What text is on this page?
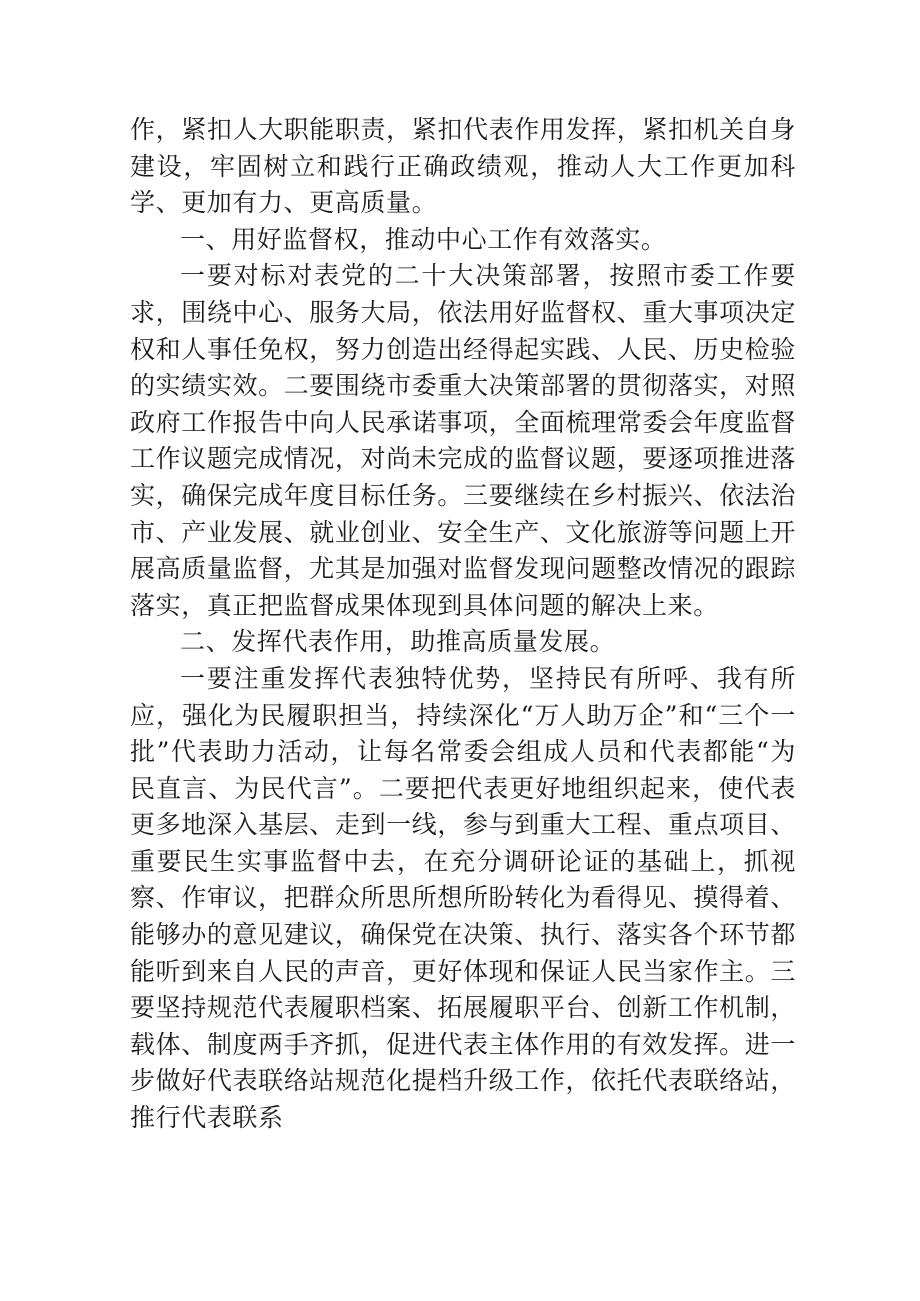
作，紧扣人大职能职责，紧扣代表作用发挥，紧扣机关自身建设，牢固树立和践行正确政绩观，推动人大工作更加科学、更加有力、更高质量。

一、用好监督权，推动中心工作有效落实。

一要对标对表党的二十大决策部署，按照市委工作要求，围绕中心、服务大局，依法用好监督权、重大事项决定权和人事任免权，努力创造出经得起实践、人民、历史检验的实绩实效。二要围绕市委重大决策部署的贯彻落实，对照政府工作报告中向人民承诺事项，全面梳理常委会年度监督工作议题完成情况，对尚未完成的监督议题，要逐项推进落实，确保完成年度目标任务。三要继续在乡村振兴、依法治市、产业发展、就业创业、安全生产、文化旅游等问题上开展高质量监督，尤其是加强对监督发现问题整改情况的跟踪落实，真正把监督成果体现到具体问题的解决上来。

二、发挥代表作用，助推高质量发展。

一要注重发挥代表独特优势，坚持民有所呼、我有所应，强化为民履职担当，持续深化“万人助万企”和“三个一批”代表助力活动，让每名常委会组成人员和代表都能“为民直言、为民代言”。二要把代表更好地组织起来，使代表更多地深入基层、走到一线，参与到重大工程、重点项目、重要民生实事监督中去，在充分调研论证的基础上，抓视察、作审议，把群众所思所想所盼转化为看得见、摸得着、能够办的意见建议，确保党在决策、执行、落实各个环节都能听到来自人民的声音，更好体现和保证人民当家作主。三要坚持规范代表履职档案、拓展履职平台、创新工作机制，载体、制度两手齐抓，促进代表主体作用的有效发挥。进一步做好代表联络站规范化提档升级工作，依托代表联络站，推行代表联系
